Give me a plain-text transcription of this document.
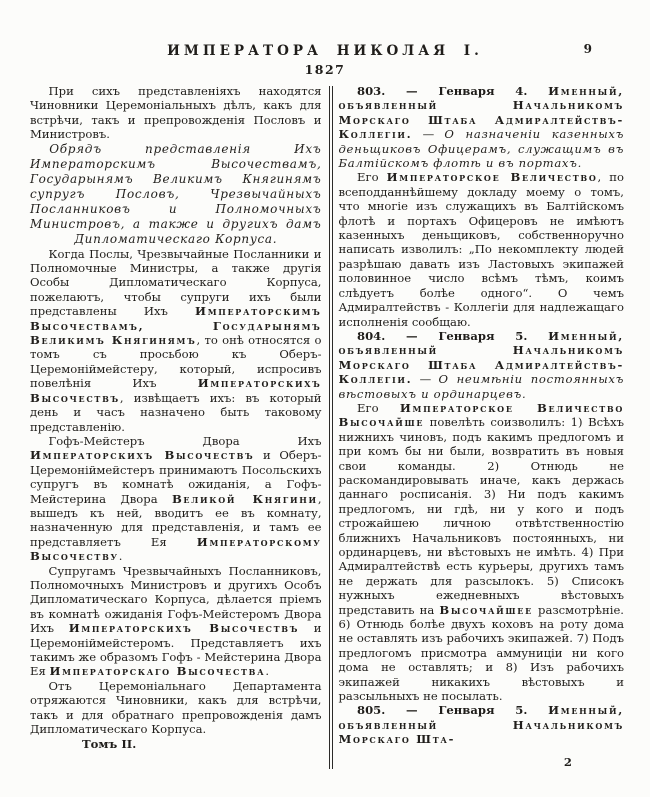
ИМПЕРАТОРА НИКОЛАЯ I.	9
1827

При сихъ представленіяхъ находятся Чиновники Церемоніальныхъ дѣлъ, какъ для встрѣчи, такъ и препровожденія Пословъ и Министровъ.

Обрядъ представленія Ихъ Императорскимъ Высочествамъ, Государынямъ Великимъ Княгинямъ супругъ Пословъ, Чрезвычайныхъ Посланниковъ и Полномочныхъ Министровъ, а также и другихъ дамъ Дипломатическаго Корпуса.

Когда Послы, Чрезвычайные Посланники и Полномочные Министры, а также другія Особы Дипломатическаго Корпуса, пожелаютъ, чтобы супруги ихъ были представлены Ихъ Императорскимъ Высочествамъ, Государынямъ Великимъ Княгинямъ, то онѣ относятся о томъ съ просьбою къ Оберъ-Церемоніймейстеру, который, испросивъ повелѣнія Ихъ Императорскихъ Высочествъ, извѣщаетъ ихъ: въ который день и часъ назначено быть таковому представленію.

Гофъ-Мейстеръ Двора Ихъ Императорскихъ Высочествъ и Оберъ-Церемоніймейстеръ принимаютъ Посольскихъ супругъ въ комнатѣ ожиданія, а Гофъ-Мейстерина Двора Великой Княгини, вышедъ къ ней, вводитъ ее въ комнату, назначенную для представленія, и тамъ ее представляетъ Ея Императорскому Высочеству.

Супругамъ Чрезвычайныхъ Посланниковъ, Полномочныхъ Министровъ и другихъ Особъ Дипломатическаго Корпуса, дѣлается пріемъ въ комнатѣ ожиданія Гофъ-Мейстеромъ Двора Ихъ Императорскихъ Высочествъ и Церемоніймейстеромъ. Представляетъ ихъ такимъ же образомъ Гофъ - Мейстерина Двора Ея Императорскаго Высочества.

Отъ Церемоніальнаго Департамента отряжаются Чиновники, какъ для встрѣчи, такъ и для обратнаго препровожденія дамъ Дипломатическаго Корпуса.

Томъ II.

803. — Генваря 4. Именный, объявленный Начальникомъ Морскаго Штаба Адмиралтействъ-Коллегіи. — О назначеніи казенныхъ деньщиковъ Офицерамъ, служащимъ въ Балтійскомъ флотѣ и въ портахъ.

Его Императорское Величество, по всеподданнѣйшему докладу моему о томъ, что многіе изъ служащихъ въ Балтійскомъ флотѣ и портахъ Офицеровъ не имѣютъ казенныхъ деньщиковъ, собственноручно написать изволилъ: „По некомплекту людей разрѣшаю давать изъ Ластовыхъ экипажей половинное число всѣмъ тѣмъ, коимъ слѣдуетъ болѣе одного“. О чемъ Адмиралтействъ - Коллегіи для надлежащаго исполненія сообщаю.

804. — Генваря 5. Именный, объявленный Начальникомъ Морскаго Штаба Адмиралтействъ-Коллегіи. — О неимѣніи постоянныхъ вѣстовыхъ и ординарцевъ.

Его Императорское Величество Высочайше повелѣть соизволилъ: 1) Всѣхъ нижнихъ чиновъ, подъ какимъ предлогомъ и при комъ бы ни были, возвратить въ новыя свои команды. 2) Отнюдь не раскомандировывать иначе, какъ держась даннаго росписанія. 3) Ни подъ какимъ предлогомъ, ни гдѣ, ни у кого и подъ строжайшею личною отвѣтственностію ближнихъ Начальниковъ постоянныхъ, ни ординарцевъ, ни вѣстовыхъ не имѣть. 4) При Адмиралтействѣ есть курьеры, другихъ тамъ не держать для разсылокъ. 5) Списокъ нужныхъ ежедневныхъ вѣстовыхъ представить на Высочайшее разсмотрѣніе. 6) Отнюдь болѣе двухъ коховъ на роту дома не оставлять изъ рабочихъ экипажей. 7) Подъ предлогомъ присмотра аммуниціи ни кого дома не оставлять; и 8) Изъ рабочихъ экипажей никакихъ вѣстовыхъ и разсыльныхъ не посылать.

805. — Генваря 5. Именный, объявленный Начальникомъ Морскаго Шта-

2
